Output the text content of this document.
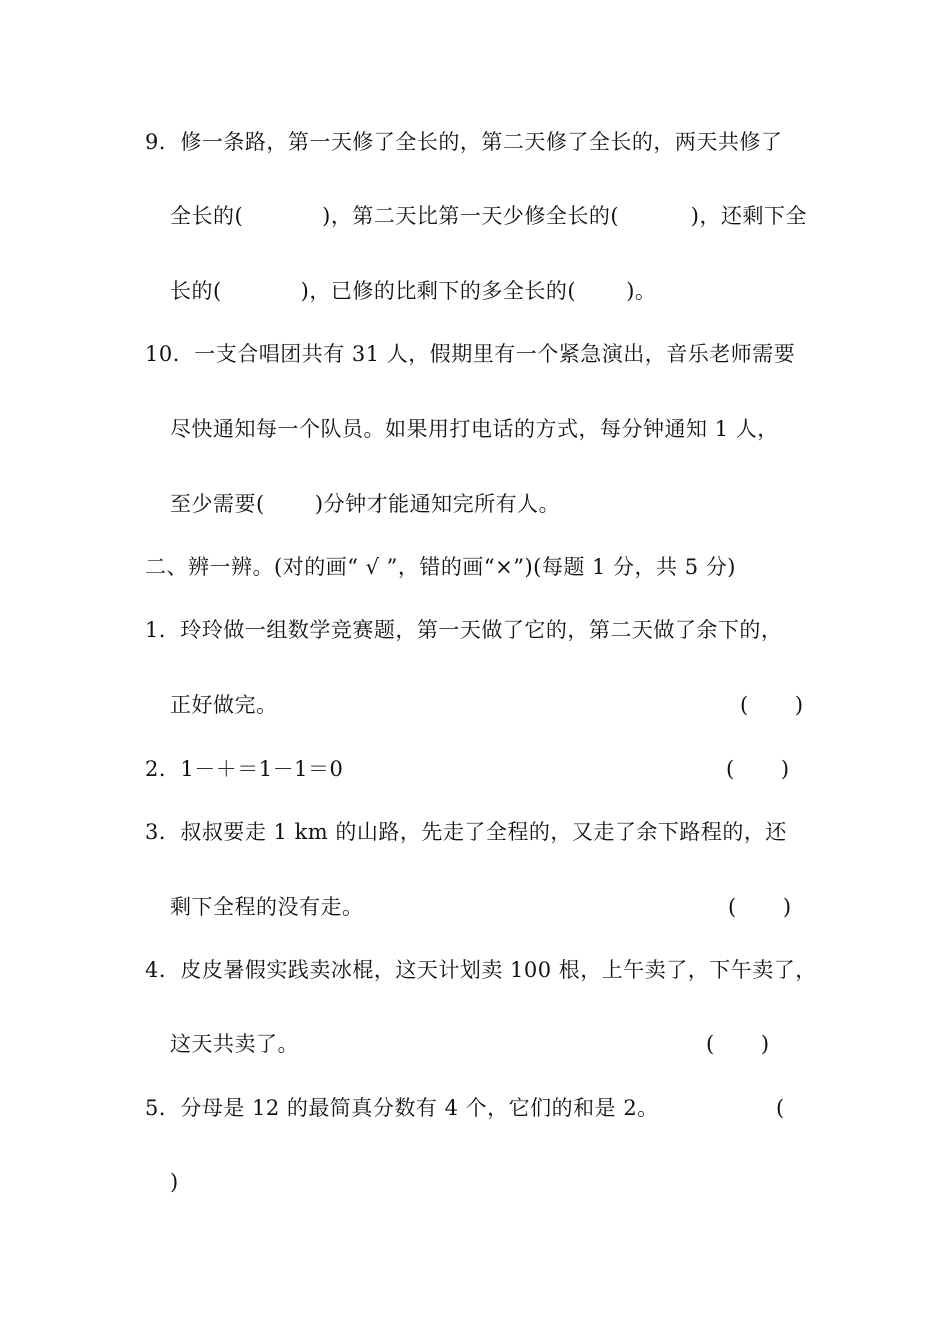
9．修一条路，第一天修了全长的，第二天修了全长的，两天共修了
全长的(           )，第二天比第一天少修全长的(          )，还剩下全
长的(           )，已修的比剩下的多全长的(       )。
10．一支合唱团共有 31 人，假期里有一个紧急演出，音乐老师需要
尽快通知每一个队员。如果用打电话的方式，每分钟通知 1 人，
至少需要(       )分钟才能通知完所有人。
二、辨一辨。(对的画“ √ ”，错的画“×”)(每题 1 分，共 5 分)
1．玲玲做一组数学竞赛题，第一天做了它的，第二天做了余下的，
正好做完。	(       )
2．1－＋＝1－1＝0	(       )
3．叔叔要走 1 km 的山路，先走了全程的，又走了余下路程的，还
剩下全程的没有走。	(       )
4．皮皮暑假实践卖冰棍，这天计划卖 100 根，上午卖了，下午卖了，
这天共卖了。	(       )
5．分母是 12 的最简真分数有 4 个，它们的和是 2。	(
)
